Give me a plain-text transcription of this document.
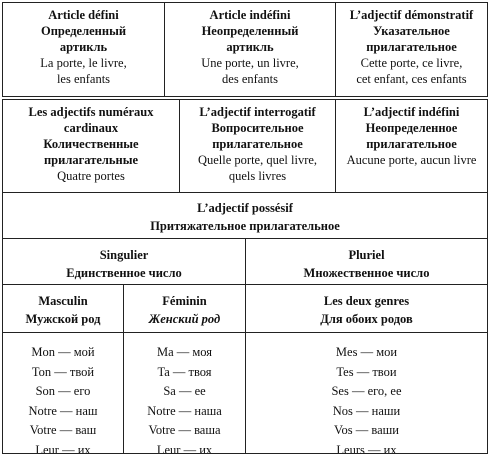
Article défini
Определенный
артикль
La porte, le livre,
les enfants
Article indéfini
Неопределенный
артикль
Une porte, un livre,
des enfants
L’adjectif démonstratif
Указательное
прилагательное
Cette porte, ce livre,
cet enfant, ces enfants
Les adjectifs numéraux
cardinaux
Количественные
прилагательные
Quatre portes
L’adjectif interrogatif
Вопросительное
прилагательное
Quelle porte, quel livre,
quels livres
L’adjectif indéfini
Неопределенное
прилагательное
Aucune porte, aucun livre
L’adjectif possésif
Притяжательное прилагательное
Singulier
Единственное число
Pluriel
Множественное число
Masculin
Мужской род
Féminin
Женский род
Les deux genres
Для обоих родов
Mon — мой
Ton — твой
Son — его
Notre — наш
Votre — ваш
Leur — их
Ma — моя
Ta — твоя
Sa — ее
Notre — наша
Votre — ваша
Leur — их
Mes — мои
Tes — твои
Ses — его, ее
Nos — наши
Vos — ваши
Leurs — их
